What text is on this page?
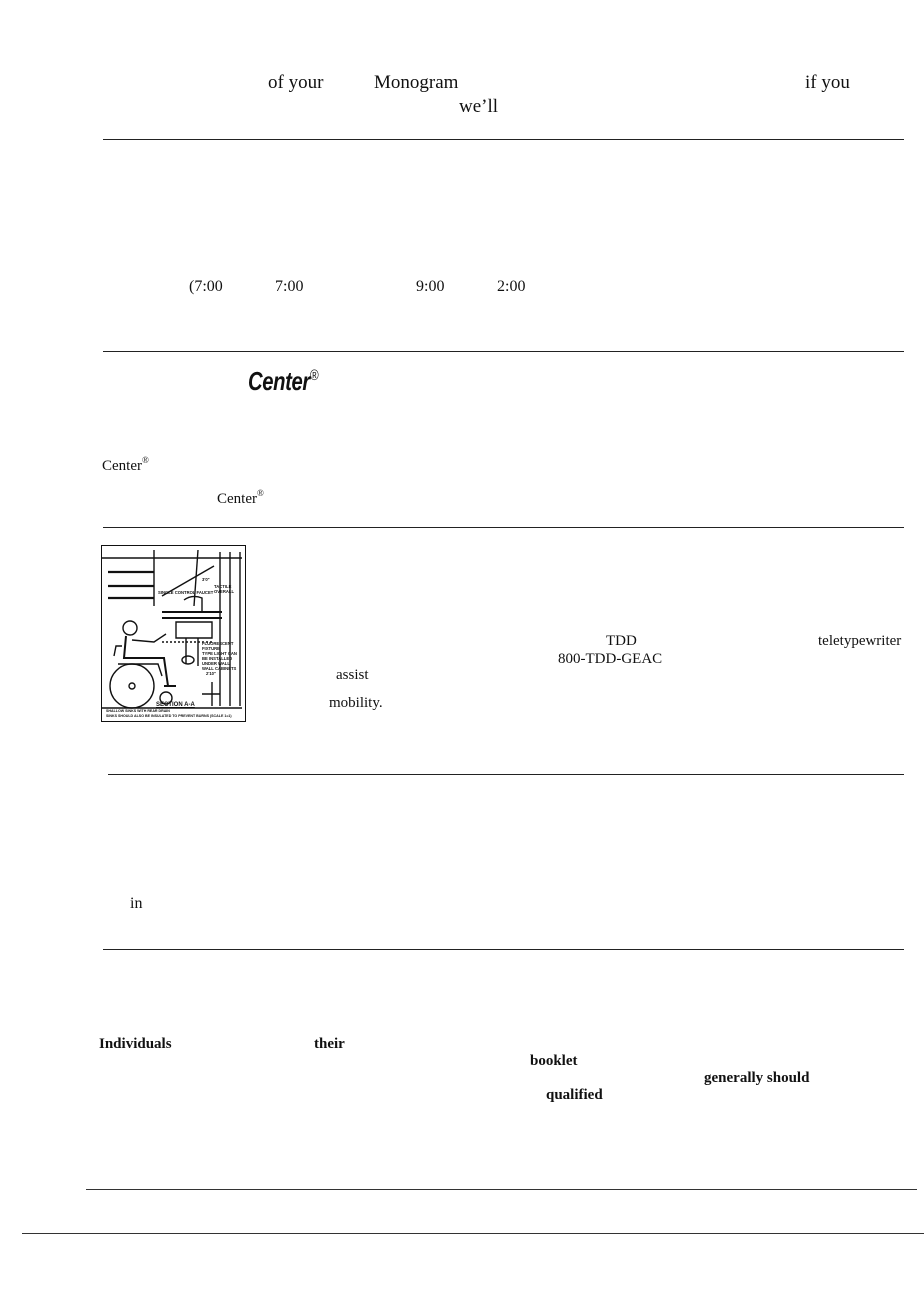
of your	Monogram	if you
we’ll
(7:00	7:00	9:00	2:00
Center®
Center®
Center®
3'0"
TACTILE
OVERALL
SINGLE CONTROL FAUCET
FLUORESCENT
FIXTURE
TYPE LIGHT CAN
BE INSTALLED
UNDER WALL
WALL CABINETS
2'10"
SECTION A-A
SHALLOW SINKS WITH REAR DRAIN
SINKS SHOULD ALSO BE INSULATED TO PREVENT BURNS (SCALE 1=1)
TDD	teletypewriter
800-TDD-GEAC
assist
mobility.
in
Individuals	their
booklet
generally should
qualified
